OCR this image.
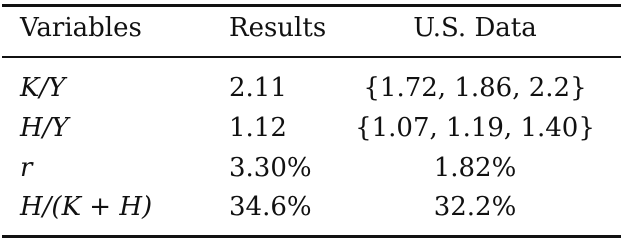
Variables	Results	U.S. Data
K/Y	2.11	{1.72, 1.86, 2.2}
H/Y	1.12	{1.07, 1.19, 1.40}
r	3.30%	1.82%
H/(K + H)	34.6%	32.2%
